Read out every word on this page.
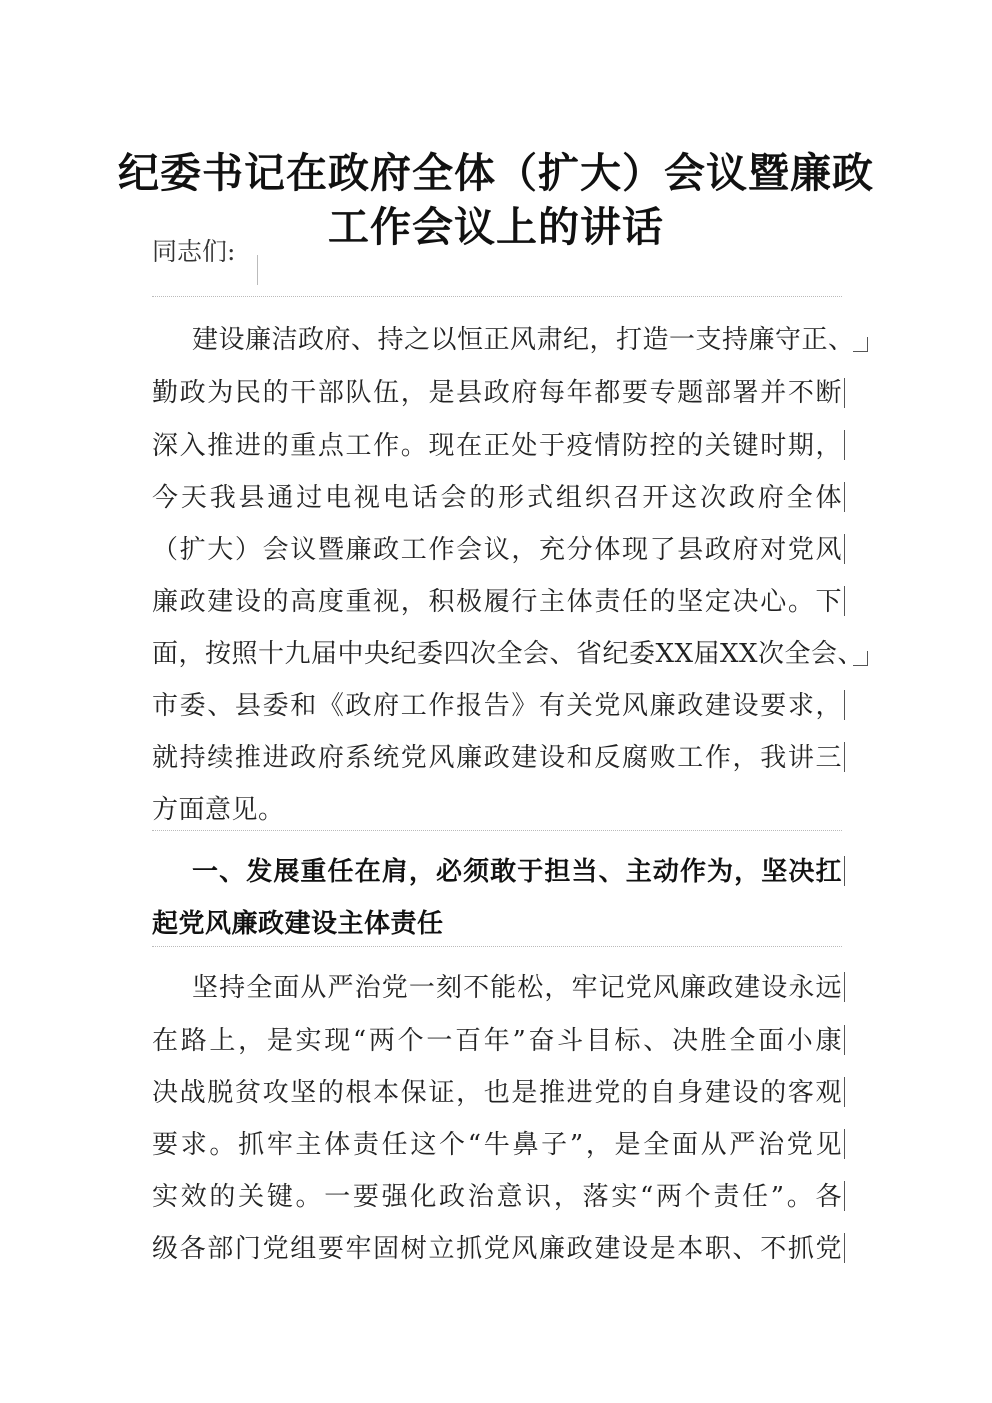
纪委书记在政府全体（扩大）会议暨廉政
工作会议上的讲话
同志们:
建设廉洁政府、持之以恒正风肃纪，打造一支持廉守正、
勤政为民的干部队伍，是县政府每年都要专题部署并不断
深入推进的重点工作。现在正处于疫情防控的关键时期，
今天我县通过电视电话会的形式组织召开这次政府全体
（扩大）会议暨廉政工作会议，充分体现了县政府对党风
廉政建设的高度重视，积极履行主体责任的坚定决心。下
面，按照十九届中央纪委四次全会、省纪委XX届XX次全会、
市委、县委和《政府工作报告》有关党风廉政建设要求，
就持续推进政府系统党风廉政建设和反腐败工作，我讲三
方面意见。
一、发展重任在肩，必须敢于担当、主动作为，坚决扛
起党风廉政建设主体责任
坚持全面从严治党一刻不能松，牢记党风廉政建设永远
在路上，是实现“两个一百年”奋斗目标、决胜全面小康
决战脱贫攻坚的根本保证，也是推进党的自身建设的客观
要求。抓牢主体责任这个“牛鼻子”，是全面从严治党见
实效的关键。一要强化政治意识，落实“两个责任”。各
级各部门党组要牢固树立抓党风廉政建设是本职、不抓党
